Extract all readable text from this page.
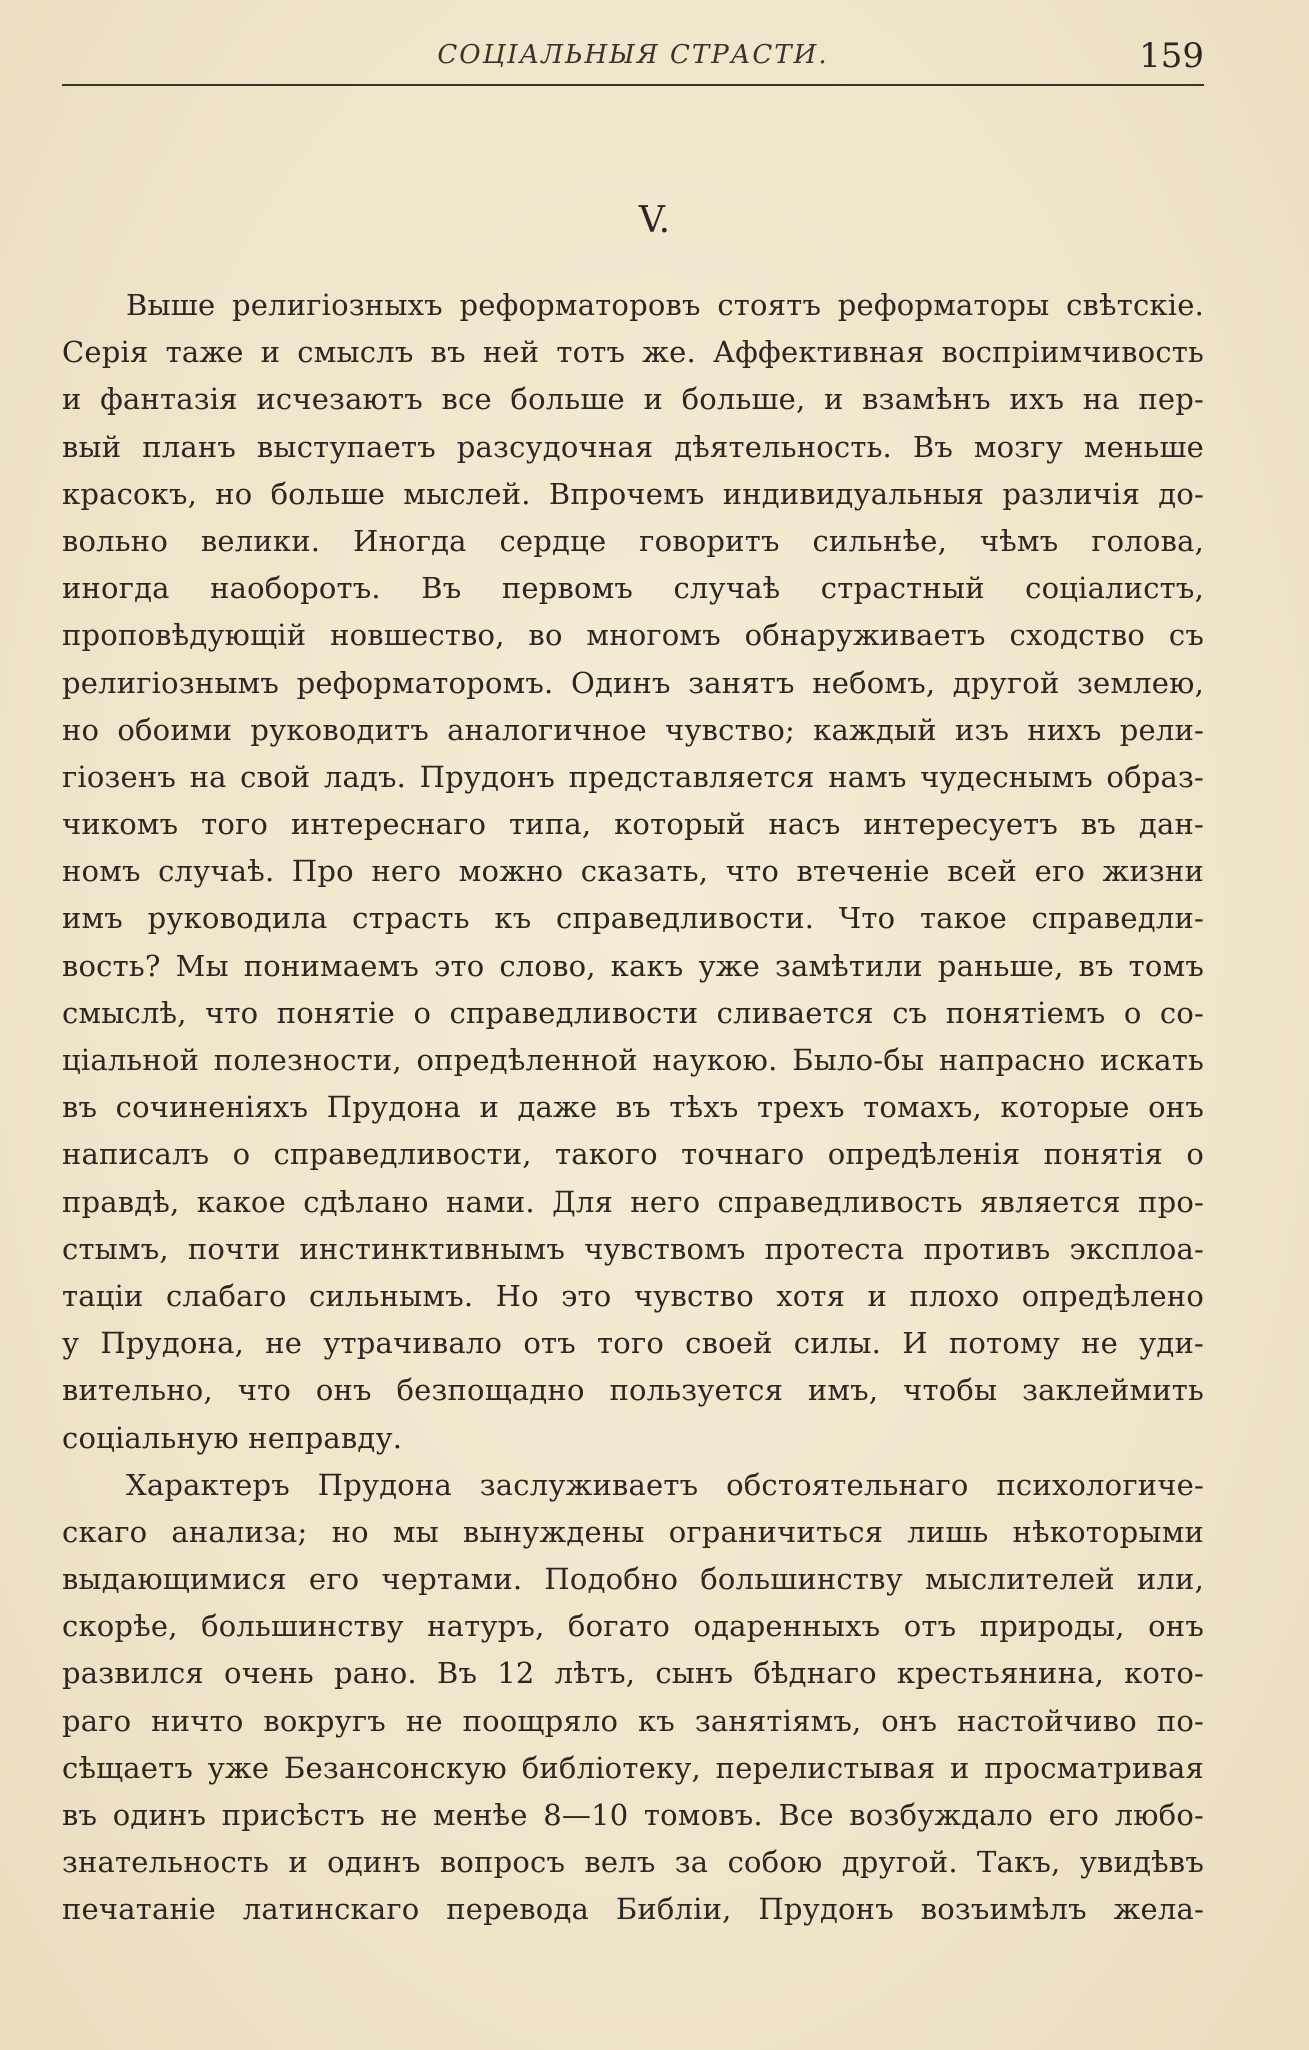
СОЦІАЛЬНЫЯ СТРАСТИ.	159
V.
Выше религіозныхъ реформаторовъ стоятъ реформаторы свѣтскіе.
Серія таже и смыслъ въ ней тотъ же. Аффективная воспріимчивость
и фантазія исчезаютъ все больше и больше, и взамѣнъ ихъ на пер-
вый планъ выступаетъ разсудочная дѣятельность. Въ мозгу меньше
красокъ, но больше мыслей. Впрочемъ индивидуальныя различія до-
вольно велики. Иногда сердце говоритъ сильнѣе, чѣмъ голова,
иногда наоборотъ. Въ первомъ случаѣ страстный соціалистъ,
проповѣдующій новшество, во многомъ обнаруживаетъ сходство съ
религіознымъ реформаторомъ. Одинъ занятъ небомъ, другой землею,
но обоими руководитъ аналогичное чувство; каждый изъ нихъ рели-
гіозенъ на свой ладъ. Прудонъ представляется намъ чудеснымъ образ-
чикомъ того интереснаго типа, который насъ интересуетъ въ дан-
номъ случаѣ. Про него можно сказать, что втеченіе всей его жизни
имъ руководила страсть къ справедливости. Что такое справедли-
вость? Мы понимаемъ это слово, какъ уже замѣтили раньше, въ томъ
смыслѣ, что понятіе о справедливости сливается съ понятіемъ о со-
ціальной полезности, опредѣленной наукою. Было-бы напрасно искать
въ сочиненіяхъ Прудона и даже въ тѣхъ трехъ томахъ, которые онъ
написалъ о справедливости, такого точнаго опредѣленія понятія о
правдѣ, какое сдѣлано нами. Для него справедливость является про-
стымъ, почти инстинктивнымъ чувствомъ протеста противъ эксплоа-
таціи слабаго сильнымъ. Но это чувство хотя и плохо опредѣлено
у Прудона, не утрачивало отъ того своей силы. И потому не уди-
вительно, что онъ безпощадно пользуется имъ, чтобы заклеймить
соціальную неправду.
Характеръ Прудона заслуживаетъ обстоятельнаго психологиче-
скаго анализа; но мы вынуждены ограничиться лишь нѣкоторыми
выдающимися его чертами. Подобно большинству мыслителей или,
скорѣе, большинству натуръ, богато одаренныхъ отъ природы, онъ
развился очень рано. Въ 12 лѣтъ, сынъ бѣднаго крестьянина, кото-
раго ничто вокругъ не поощряло къ занятіямъ, онъ настойчиво по-
сѣщаетъ уже Безансонскую библіотеку, перелистывая и просматривая
въ одинъ присѣстъ не менѣе 8—10 томовъ. Все возбуждало его любо-
знательность и одинъ вопросъ велъ за собою другой. Такъ, увидѣвъ
печатаніе латинскаго перевода Библіи, Прудонъ возъимѣлъ жела-
